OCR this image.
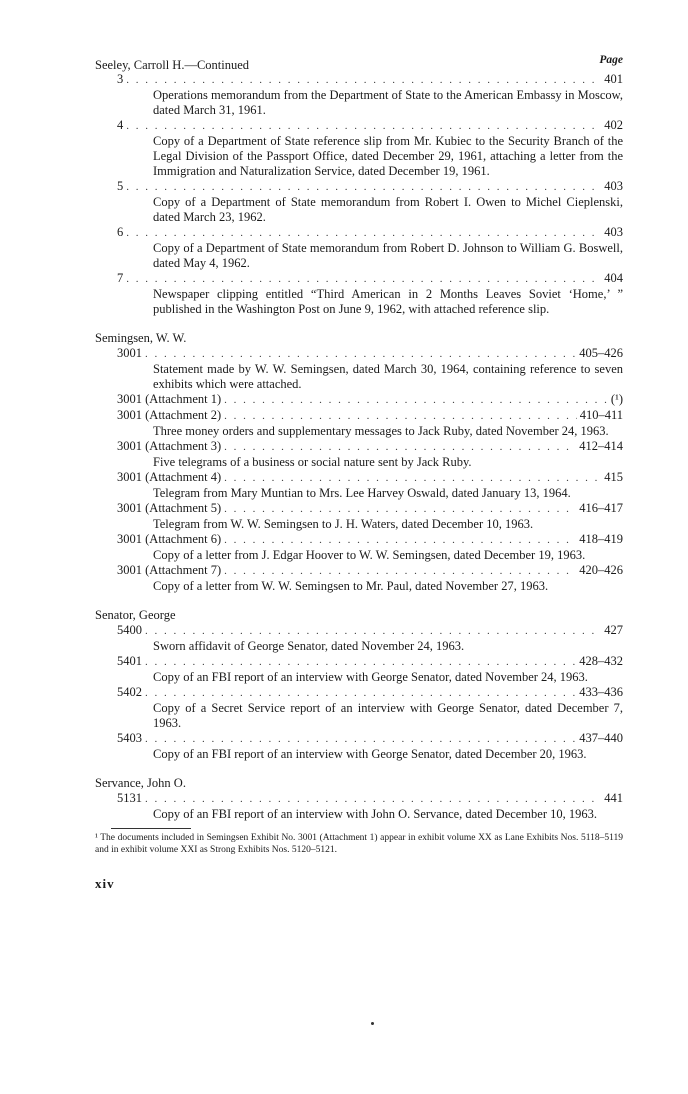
Seeley, Carroll H.—Continued	Page
3 . . .	401
Operations memorandum from the Department of State to the American Embassy in Moscow, dated March 31, 1961.
4 . . .	402
Copy of a Department of State reference slip from Mr. Kubiec to the Security Branch of the Legal Division of the Passport Office, dated December 29, 1961, attaching a letter from the Immigration and Naturalization Service, dated December 19, 1961.
5 . . .	403
Copy of a Department of State memorandum from Robert I. Owen to Michel Cieplenski, dated March 23, 1962.
6 . . .	403
Copy of a Department of State memorandum from Robert D. Johnson to William G. Boswell, dated May 4, 1962.
7 . . .	404
Newspaper clipping entitled “Third American in 2 Months Leaves Soviet ‘Home,’ ” published in the Washington Post on June 9, 1962, with attached reference slip.
Semingsen, W. W.
3001 . . .	405–426
Statement made by W. W. Semingsen, dated March 30, 1964, containing reference to seven exhibits which were attached.
3001 (Attachment 1) . . .	(¹)
3001 (Attachment 2) . . .	410–411
Three money orders and supplementary messages to Jack Ruby, dated November 24, 1963.
3001 (Attachment 3) . . .	412–414
Five telegrams of a business or social nature sent by Jack Ruby.
3001 (Attachment 4) . . .	415
Telegram from Mary Muntian to Mrs. Lee Harvey Oswald, dated January 13, 1964.
3001 (Attachment 5) . . .	416–417
Telegram from W. W. Semingsen to J. H. Waters, dated December 10, 1963.
3001 (Attachment 6) . . .	418–419
Copy of a letter from J. Edgar Hoover to W. W. Semingsen, dated December 19, 1963.
3001 (Attachment 7) . . .	420–426
Copy of a letter from W. W. Semingsen to Mr. Paul, dated November 27, 1963.
Senator, George
5400 . . .	427
Sworn affidavit of George Senator, dated November 24, 1963.
5401 . . .	428–432
Copy of an FBI report of an interview with George Senator, dated November 24, 1963.
5402 . . .	433–436
Copy of a Secret Service report of an interview with George Senator, dated December 7, 1963.
5403 . . .	437–440
Copy of an FBI report of an interview with George Senator, dated December 20, 1963.
Servance, John O.
5131 . . .	441
Copy of an FBI report of an interview with John O. Servance, dated December 10, 1963.
¹ The documents included in Semingsen Exhibit No. 3001 (Attachment 1) appear in exhibit volume XX as Lane Exhibits Nos. 5118–5119 and in exhibit volume XXI as Strong Exhibits Nos. 5120–5121.
xiv
